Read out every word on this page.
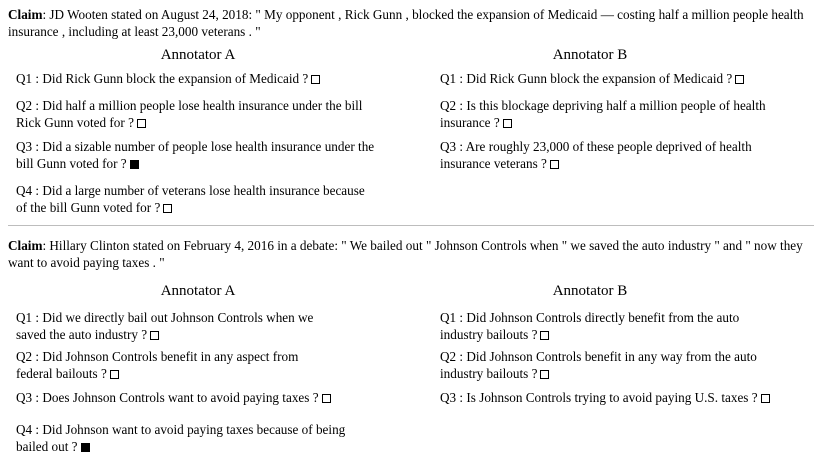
Claim: JD Wooten stated on August 24, 2018: " My opponent , Rick Gunn , blocked the expansion of Medicaid — costing half a million people health insurance , including at least 23,000 veterans . "
Annotator A	Annotator B
Q1 : Did Rick Gunn block the expansion of Medicaid ?
Q2 : Did half a million people lose health insurance under the bill Rick Gunn voted for ?
Q3 : Did a sizable number of people lose health insurance under the bill Gunn voted for ?
Q4 : Did a large number of veterans lose health insurance because of the bill Gunn voted for ?
Q1 : Did Rick Gunn block the expansion of Medicaid ?
Q2 : Is this blockage depriving half a million people of health insurance ?
Q3 : Are roughly 23,000 of these people deprived of health insurance veterans ?
Claim: Hillary Clinton stated on February 4, 2016 in a debate: " We bailed out " Johnson Controls when " we saved the auto industry " and " now they want to avoid paying taxes . "
Annotator A	Annotator B
Q1 : Did we directly bail out Johnson Controls when we saved the auto industry ?
Q2 : Did Johnson Controls benefit in any aspect from federal bailouts ?
Q3 : Does Johnson Controls want to avoid paying taxes ?
Q4 : Did Johnson want to avoid paying taxes because of being bailed out ?
Q1 : Did Johnson Controls directly benefit from the auto industry bailouts ?
Q2 : Did Johnson Controls benefit in any way from the auto industry bailouts ?
Q3 : Is Johnson Controls trying to avoid paying U.S. taxes ?
